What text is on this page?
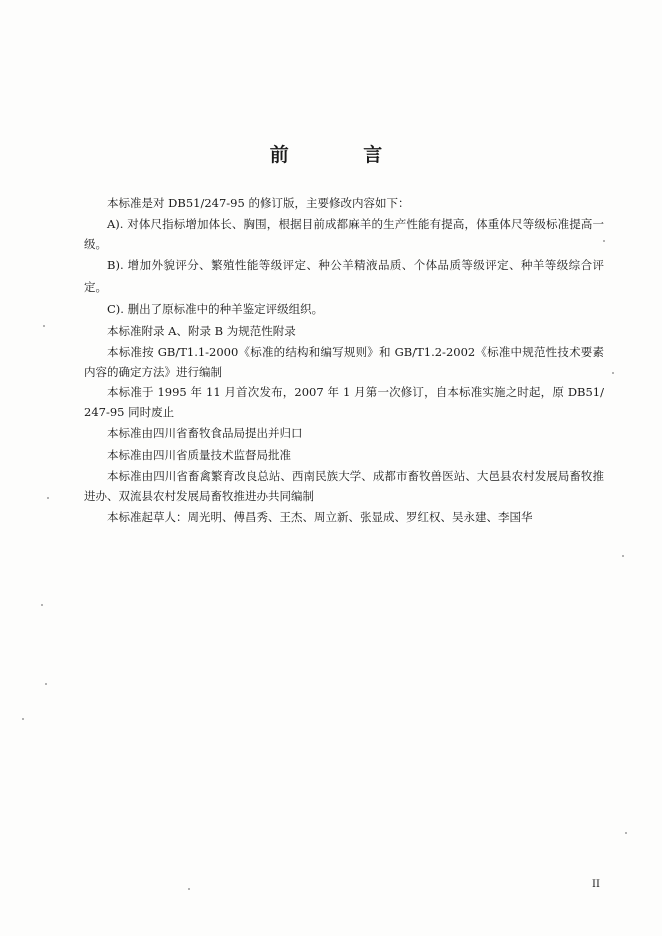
前 言

本标准是对 DB51/247-95 的修订版，主要修改内容如下：

A). 对体尺指标增加体长、胸围，根据目前成都麻羊的生产性能有提高，体重体尺等级标准提高一级。

B). 增加外貌评分、繁殖性能等级评定、种公羊精液品质、个体品质等级评定、种羊等级综合评定。

C). 删出了原标准中的种羊鉴定评级组织。

本标准附录 A、附录 B 为规范性附录

本标准按 GB/T1.1-2000《标准的结构和编写规则》和 GB/T1.2-2002《标准中规范性技术要素内容的确定方法》进行编制

本标准于 1995 年 11 月首次发布，2007 年 1 月第一次修订，自本标准实施之时起，原 DB51/247-95 同时废止

本标准由四川省畜牧食品局提出并归口

本标准由四川省质量技术监督局批准

本标准由四川省畜禽繁育改良总站、西南民族大学、成都市畜牧兽医站、大邑县农村发展局畜牧推进办、双流县农村发展局畜牧推进办共同编制

本标准起草人：周光明、傅昌秀、王杰、周立新、张显成、罗红权、吴永建、李国华

II
